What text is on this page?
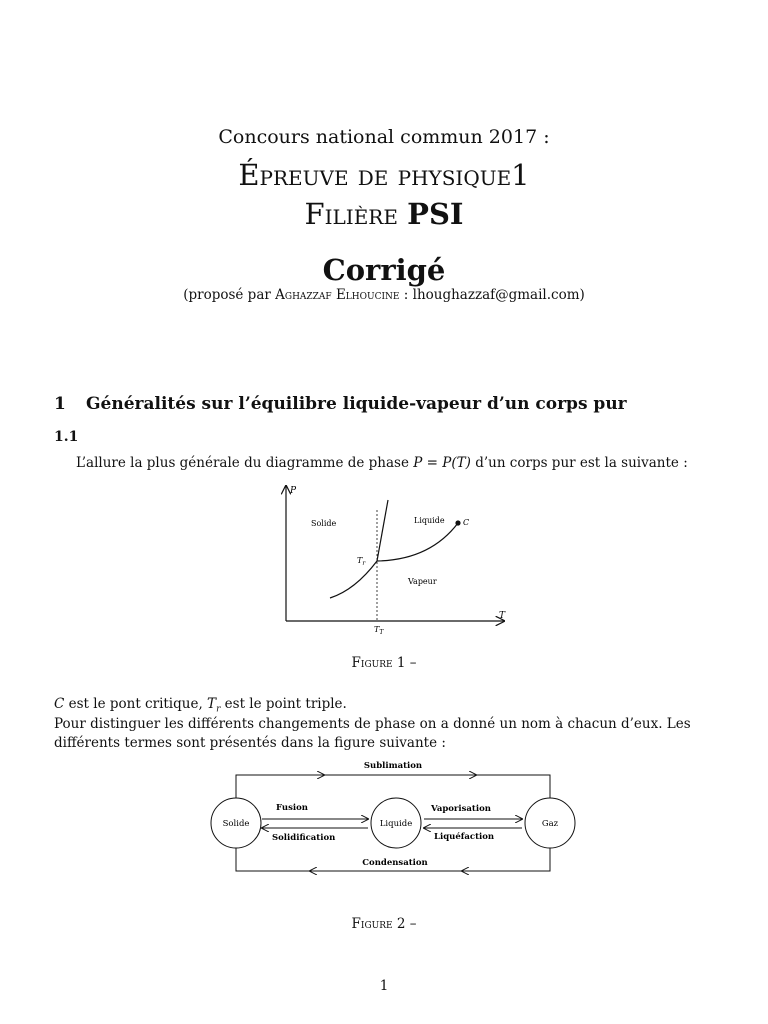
Concours national commun 2017 :
Épreuve de physique1
Filière PSI
Corrigé
(proposé par Aghazzaf Elhoucine : lhoughazzaf@gmail.com)
1 Généralités sur l’équilibre liquide-vapeur d’un corps pur
1.1
L’allure la plus générale du diagramme de phase P = P(T) d’un corps pur est la suivante :
P
T
Solide	Liquide C
Vapeur
$T_r$
$T_T$
Figure 1 –
C est le pont critique, $T_r$ est le point triple.
Pour distinguer les différents changements de phase on a donné un nom à chacun d’eux. Les différents termes sont présentés dans la figure suivante :
Sublimation
Condensation
Solide	Liquide	Gaz
Fusion
Solidification
Vaporisation
Liquéfaction
Figure 2 –
1
